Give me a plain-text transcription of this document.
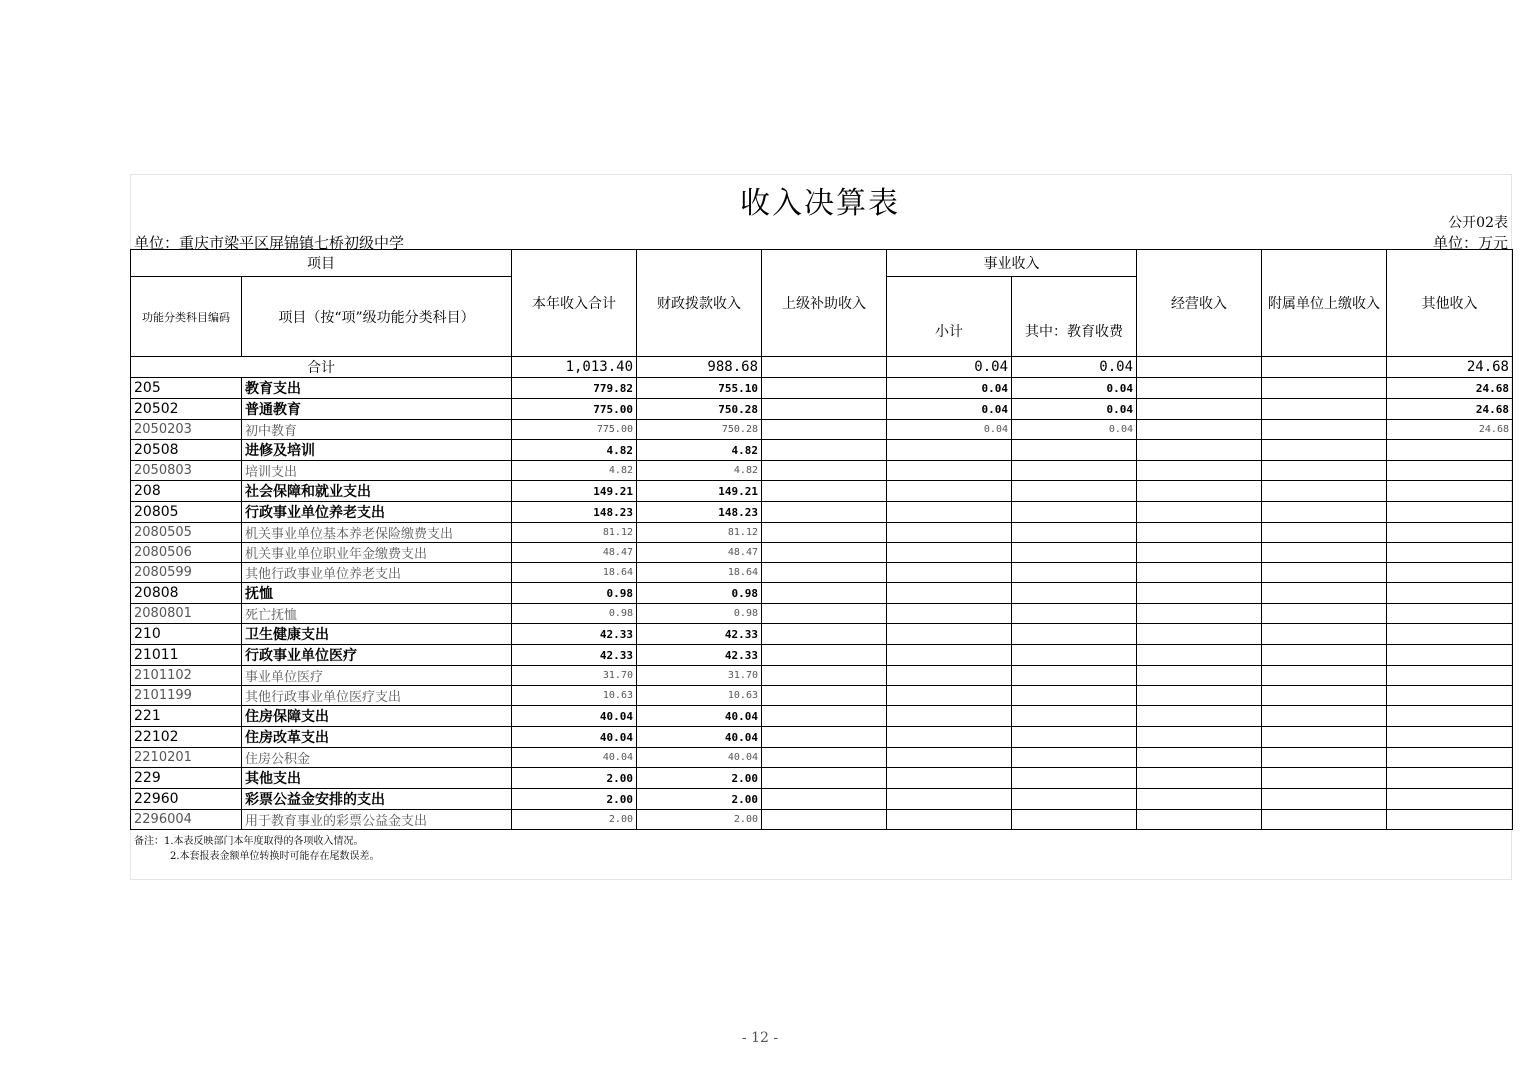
收入决算表
公开02表
单位：重庆市梁平区屏锦镇七桥初级中学	单位：万元
项目		本年收入合计	财政拨款收入	上级补助收入	事业收入		经营收入	附属单位上缴收入	其他收入
功能分类科目编码	项目（按“项”级功能分类科目）				小计	其中：教育收费			
合计		1,013.40	988.68		0.04	0.04			24.68
205	教育支出	779.82	755.10		0.04	0.04			24.68
20502	普通教育	775.00	750.28		0.04	0.04			24.68
2050203	初中教育	775.00	750.28		0.04	0.04			24.68
20508	进修及培训	4.82	4.82						
2050803	培训支出	4.82	4.82						
208	社会保障和就业支出	149.21	149.21						
20805	行政事业单位养老支出	148.23	148.23						
2080505	机关事业单位基本养老保险缴费支出	81.12	81.12						
2080506	机关事业单位职业年金缴费支出	48.47	48.47						
2080599	其他行政事业单位养老支出	18.64	18.64						
20808	抚恤	0.98	0.98						
2080801	死亡抚恤	0.98	0.98						
210	卫生健康支出	42.33	42.33						
21011	行政事业单位医疗	42.33	42.33						
2101102	事业单位医疗	31.70	31.70						
2101199	其他行政事业单位医疗支出	10.63	10.63						
221	住房保障支出	40.04	40.04						
22102	住房改革支出	40.04	40.04						
2210201	住房公积金	40.04	40.04						
229	其他支出	2.00	2.00						
22960	彩票公益金安排的支出	2.00	2.00						
2296004	用于教育事业的彩票公益金支出	2.00	2.00						
备注：1.本表反映部门本年度取得的各项收入情况。
2.本套报表金额单位转换时可能存在尾数误差。
- 12 -
